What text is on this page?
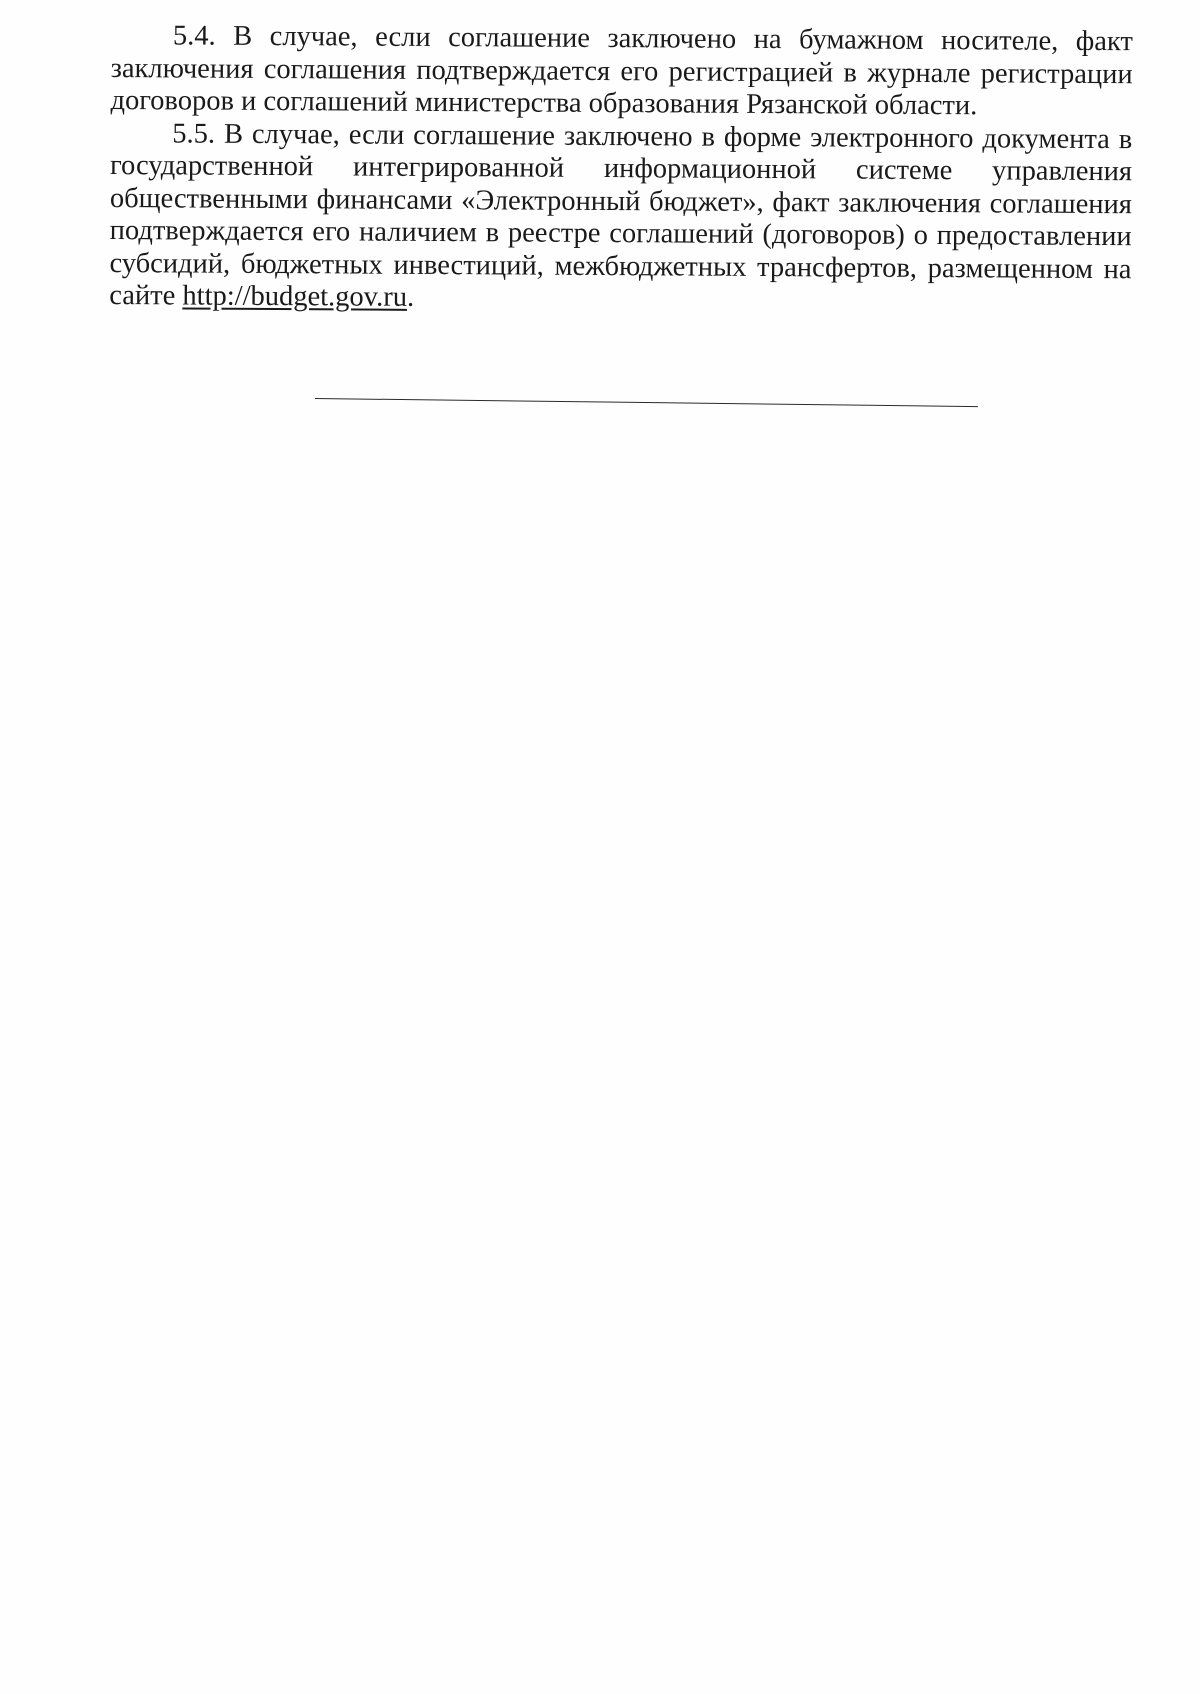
5.4. В случае, если соглашение заключено на бумажном носителе, факт заключения соглашения подтверждается его регистрацией в журнале регистрации договоров и соглашений министерства образования Рязанской области.

5.5. В случае, если соглашение заключено в форме электронного документа в государственной интегрированной информационной системе управления общественными финансами «Электронный бюджет», факт заключения соглашения подтверждается его наличием в реестре соглашений (договоров) о предоставлении субсидий, бюджетных инвестиций, межбюджетных трансфертов, размещенном на сайте http://budget.gov.ru.
